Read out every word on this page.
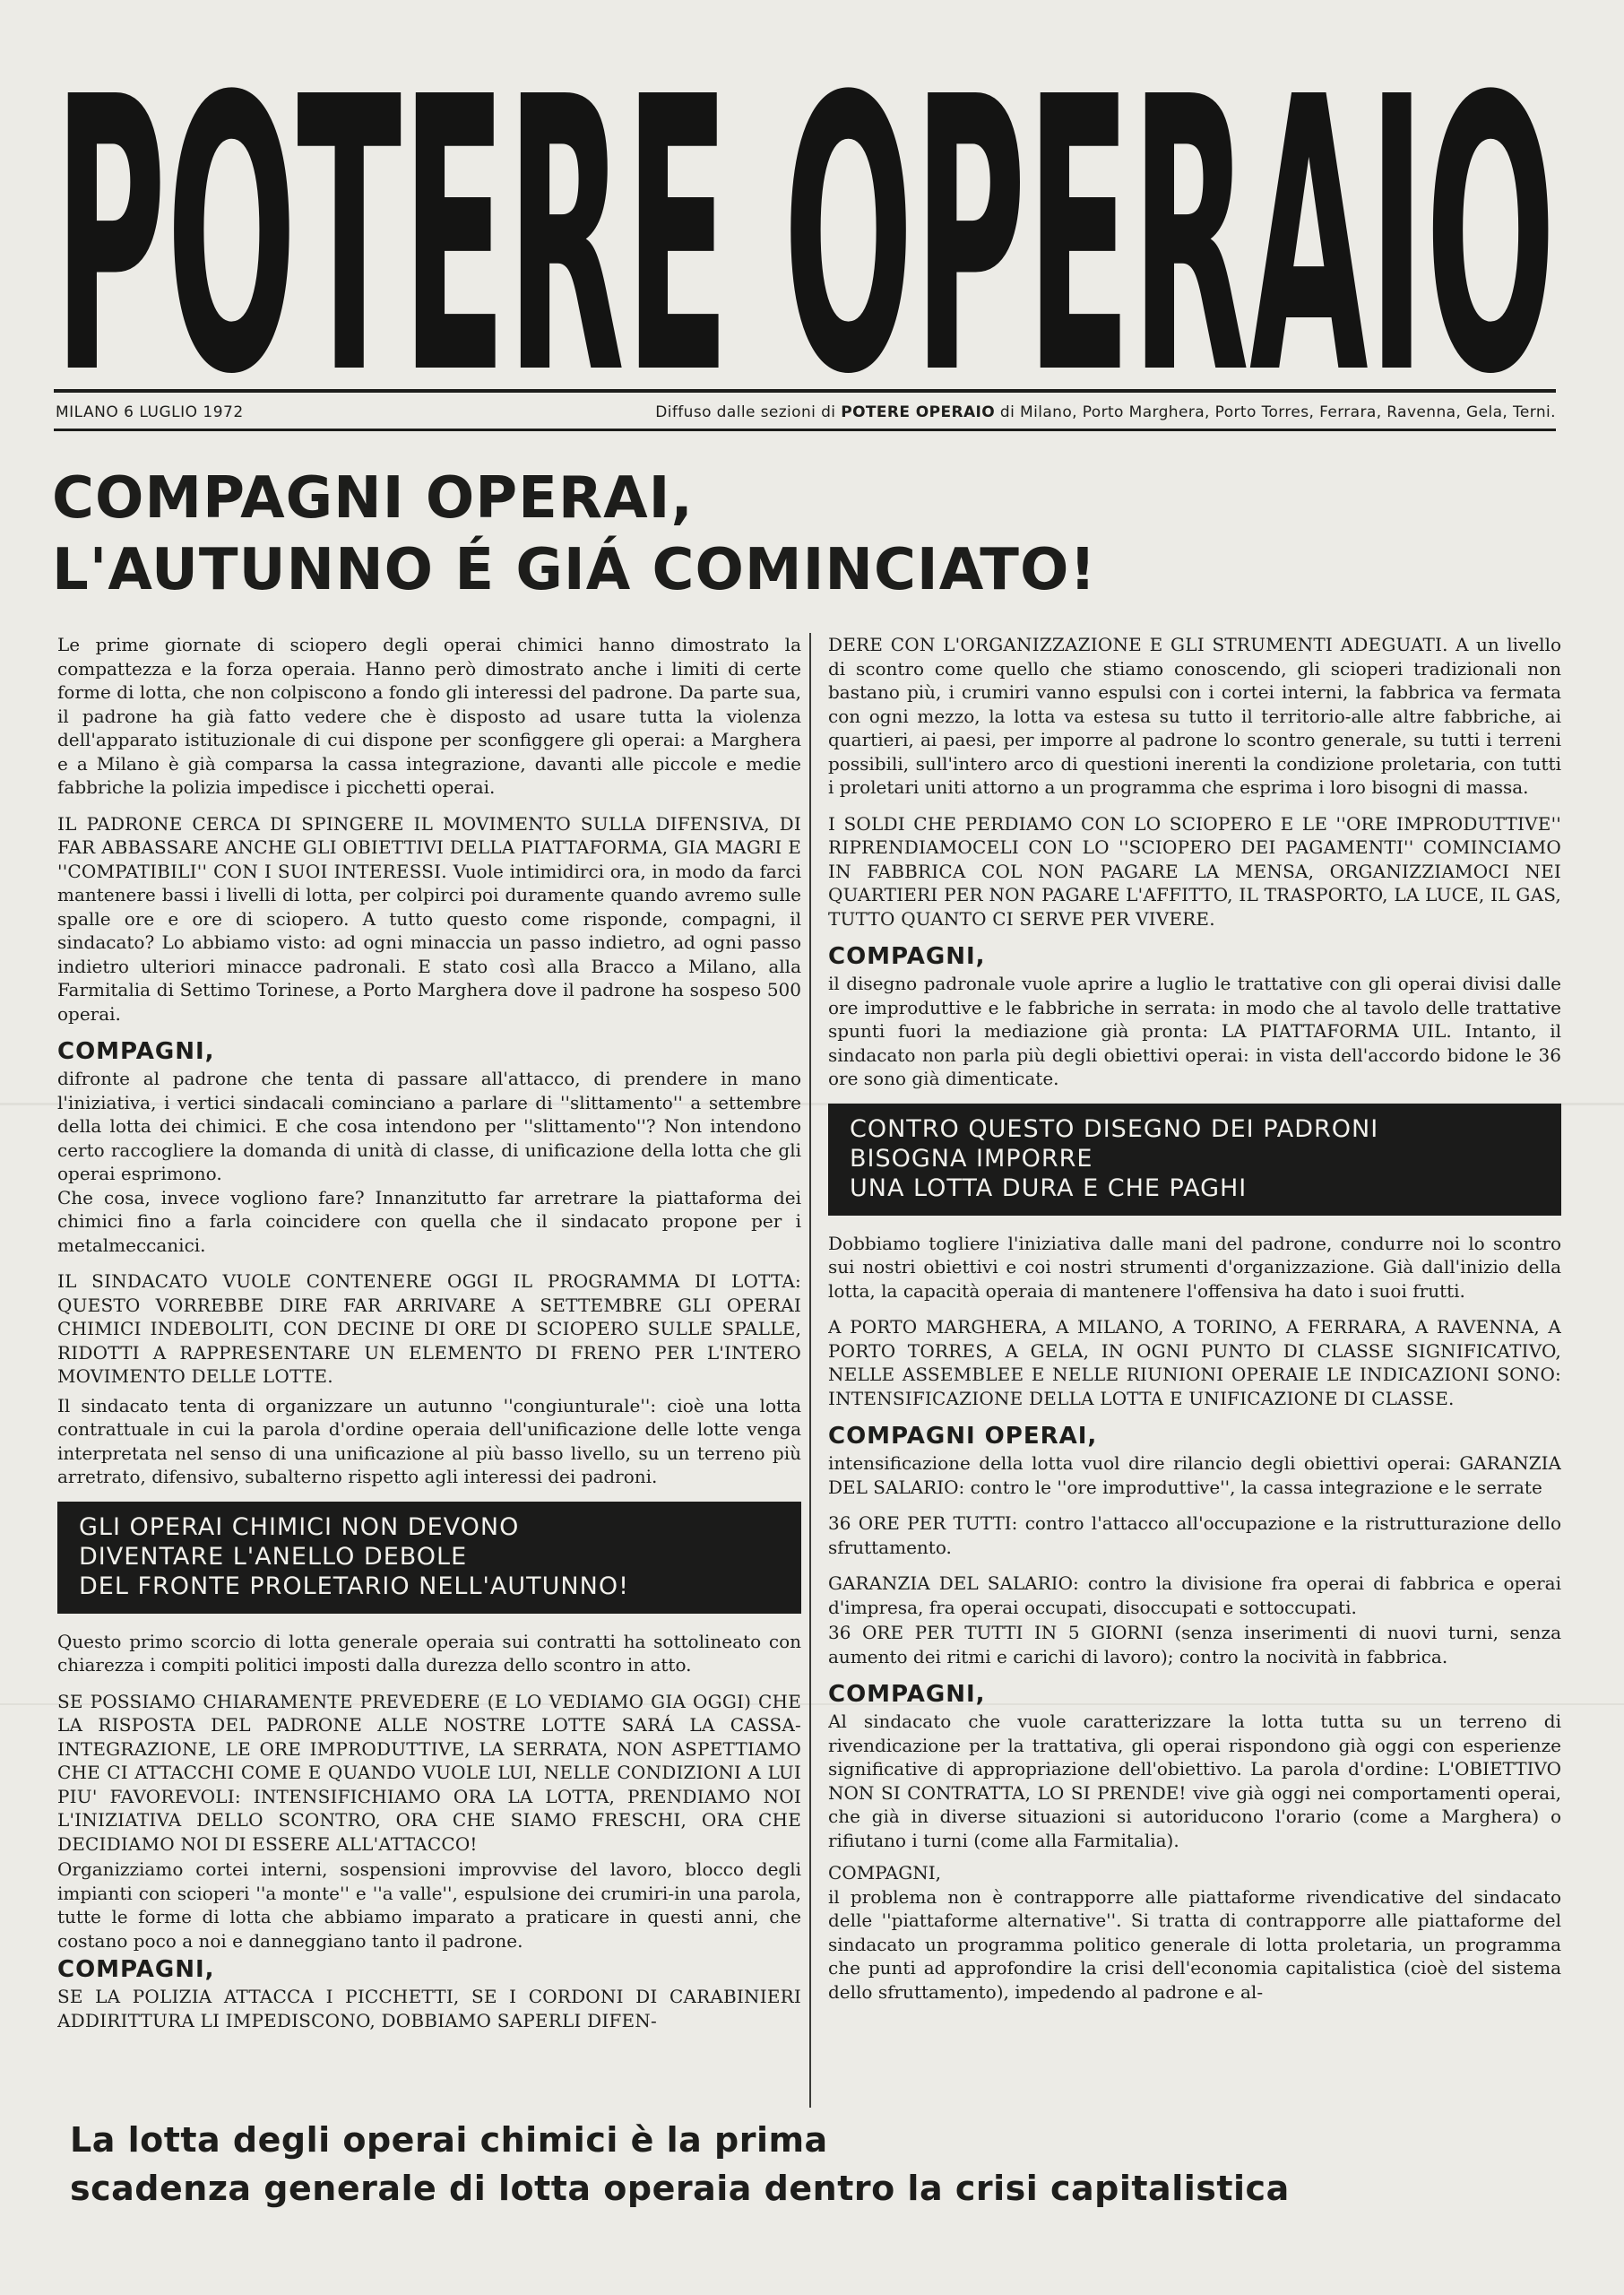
POTERE OPERAIO
MILANO 6 LUGLIO 1972	Diffuso dalle sezioni di POTERE OPERAIO di Milano, Porto Marghera, Porto Torres, Ferrara, Ravenna, Gela, Terni.
COMPAGNI OPERAI,
L'AUTUNNO É GIÁ COMINCIATO!

Le prime giornate di sciopero degli operai chimici hanno dimostrato la compattezza e la forza operaia. Hanno però dimostrato anche i limiti di certe forme di lotta, che non colpiscono a fondo gli interessi del padrone. Da parte sua, il padrone ha già fatto vedere che è disposto ad usare tutta la violenza dell'apparato istituzionale di cui dispone per sconfiggere gli operai: a Marghera e a Milano è già comparsa la cassa integrazione, davanti alle piccole e medie fabbriche la polizia impedisce i picchetti operai.

IL PADRONE CERCA DI SPINGERE IL MOVIMENTO SULLA DIFENSIVA, DI FAR ABBASSARE ANCHE GLI OBIETTIVI DELLA PIATTAFORMA, GIA MAGRI E ''COMPATIBILI'' CON I SUOI INTERESSI. Vuole intimidirci ora, in modo da farci mantenere bassi i livelli di lotta, per colpirci poi duramente quando avremo sulle spalle ore e ore di sciopero. A tutto questo come risponde, compagni, il sindacato? Lo abbiamo visto: ad ogni minaccia un passo indietro, ad ogni passo indietro ulteriori minacce padronali. E stato così alla Bracco a Milano, alla Farmitalia di Settimo Torinese, a Porto Marghera dove il padrone ha sospeso 500 operai.

COMPAGNI,

difronte al padrone che tenta di passare all'attacco, di prendere in mano l'iniziativa, i vertici sindacali cominciano a parlare di ''slittamento'' a settembre della lotta dei chimici. E che cosa intendono per ''slittamento''? Non intendono certo raccogliere la domanda di unità di classe, di unificazione della lotta che gli operai esprimono.

Che cosa, invece vogliono fare? Innanzitutto far arretrare la piattaforma dei chimici fino a farla coincidere con quella che il sindacato propone per i metalmeccanici.

IL SINDACATO VUOLE CONTENERE OGGI IL PROGRAMMA DI LOTTA: QUESTO VORREBBE DIRE FAR ARRIVARE A SETTEMBRE GLI OPERAI CHIMICI INDEBOLITI, CON DECINE DI ORE DI SCIOPERO SULLE SPALLE, RIDOTTI A RAPPRESENTARE UN ELEMENTO DI FRENO PER L'INTERO MOVIMENTO DELLE LOTTE.

Il sindacato tenta di organizzare un autunno ''congiunturale'': cioè una lotta contrattuale in cui la parola d'ordine operaia dell'unificazione delle lotte venga interpretata nel senso di una unificazione al più basso livello, su un terreno più arretrato, difensivo, subalterno rispetto agli interessi dei padroni.

GLI OPERAI CHIMICI NON DEVONO
DIVENTARE L'ANELLO DEBOLE
DEL FRONTE PROLETARIO NELL'AUTUNNO!

Questo primo scorcio di lotta generale operaia sui contratti ha sottolineato con chiarezza i compiti politici imposti dalla durezza dello scontro in atto.

SE POSSIAMO CHIARAMENTE PREVEDERE (E LO VEDIAMO GIA OGGI) CHE LA RISPOSTA DEL PADRONE ALLE NOSTRE LOTTE SARÁ LA CASSA-INTEGRAZIONE, LE ORE IMPRODUTTIVE, LA SERRATA, NON ASPETTIAMO CHE CI ATTACCHI COME E QUANDO VUOLE LUI, NELLE CONDIZIONI A LUI PIU' FAVOREVOLI: INTENSIFICHIAMO ORA LA LOTTA, PRENDIAMO NOI L'INIZIATIVA DELLO SCONTRO, ORA CHE SIAMO FRESCHI, ORA CHE DECIDIAMO NOI DI ESSERE ALL'ATTACCO!

Organizziamo cortei interni, sospensioni improvvise del lavoro, blocco degli impianti con scioperi ''a monte'' e ''a valle'', espulsione dei crumiri-in una parola, tutte le forme di lotta che abbiamo imparato a praticare in questi anni, che costano poco a noi e danneggiano tanto il padrone.

COMPAGNI,

SE LA POLIZIA ATTACCA I PICCHETTI, SE I CORDONI DI CARABINIERI ADDIRITTURA LI IMPEDISCONO, DOBBIAMO SAPERLI DIFEN-

DERE CON L'ORGANIZZAZIONE E GLI STRUMENTI ADEGUATI. A un livello di scontro come quello che stiamo conoscendo, gli scioperi tradizionali non bastano più, i crumiri vanno espulsi con i cortei interni, la fabbrica va fermata con ogni mezzo, la lotta va estesa su tutto il territorio-alle altre fabbriche, ai quartieri, ai paesi, per imporre al padrone lo scontro generale, su tutti i terreni possibili, sull'intero arco di questioni inerenti la condizione proletaria, con tutti i proletari uniti attorno a un programma che esprima i loro bisogni di massa.

I SOLDI CHE PERDIAMO CON LO SCIOPERO E LE ''ORE IMPRODUTTIVE'' RIPRENDIAMOCELI CON LO ''SCIOPERO DEI PAGAMENTI'' COMINCIAMO IN FABBRICA COL NON PAGARE LA MENSA, ORGANIZZIAMOCI NEI QUARTIERI PER NON PAGARE L'AFFITTO, IL TRASPORTO, LA LUCE, IL GAS, TUTTO QUANTO CI SERVE PER VIVERE.

COMPAGNI,

il disegno padronale vuole aprire a luglio le trattative con gli operai divisi dalle ore improduttive e le fabbriche in serrata: in modo che al tavolo delle trattative spunti fuori la mediazione già pronta: LA PIATTAFORMA UIL. Intanto, il sindacato non parla più degli obiettivi operai: in vista dell'accordo bidone le 36 ore sono già dimenticate.

CONTRO QUESTO DISEGNO DEI PADRONI
BISOGNA IMPORRE
UNA LOTTA DURA E CHE PAGHI

Dobbiamo togliere l'iniziativa dalle mani del padrone, condurre noi lo scontro sui nostri obiettivi e coi nostri strumenti d'organizzazione. Già dall'inizio della lotta, la capacità operaia di mantenere l'offensiva ha dato i suoi frutti.

A PORTO MARGHERA, A MILANO, A TORINO, A FERRARA, A RAVENNA, A PORTO TORRES, A GELA, IN OGNI PUNTO DI CLASSE SIGNIFICATIVO, NELLE ASSEMBLEE E NELLE RIUNIONI OPERAIE LE INDICAZIONI SONO: INTENSIFICAZIONE DELLA LOTTA E UNIFICAZIONE DI CLASSE.

COMPAGNI OPERAI,

intensificazione della lotta vuol dire rilancio degli obiettivi operai: GARANZIA DEL SALARIO: contro le ''ore improduttive'', la cassa integrazione e le serrate

36 ORE PER TUTTI: contro l'attacco all'occupazione e la ristrutturazione dello sfruttamento.

GARANZIA DEL SALARIO: contro la divisione fra operai di fabbrica e operai d'impresa, fra operai occupati, disoccupati e sottoccupati.

36 ORE PER TUTTI IN 5 GIORNI (senza inserimenti di nuovi turni, senza aumento dei ritmi e carichi di lavoro); contro la nocività in fabbrica.

COMPAGNI,

Al sindacato che vuole caratterizzare la lotta tutta su un terreno di rivendicazione per la trattativa, gli operai rispondono già oggi con esperienze significative di appropriazione dell'obiettivo. La parola d'ordine: L'OBIETTIVO NON SI CONTRATTA, LO SI PRENDE! vive già oggi nei comportamenti operai, che già in diverse situazioni si autoriducono l'orario (come a Marghera) o rifiutano i turni (come alla Farmitalia).

COMPAGNI,

il problema non è contrapporre alle piattaforme rivendicative del sindacato delle ''piattaforme alternative''. Si tratta di contrapporre alle piattaforme del sindacato un programma politico generale di lotta proletaria, un programma che punti ad approfondire la crisi dell'economia capitalistica (cioè del sistema dello sfruttamento), impedendo al padrone e al-

La lotta degli operai chimici è la prima
scadenza generale di lotta operaia dentro la crisi capitalistica
